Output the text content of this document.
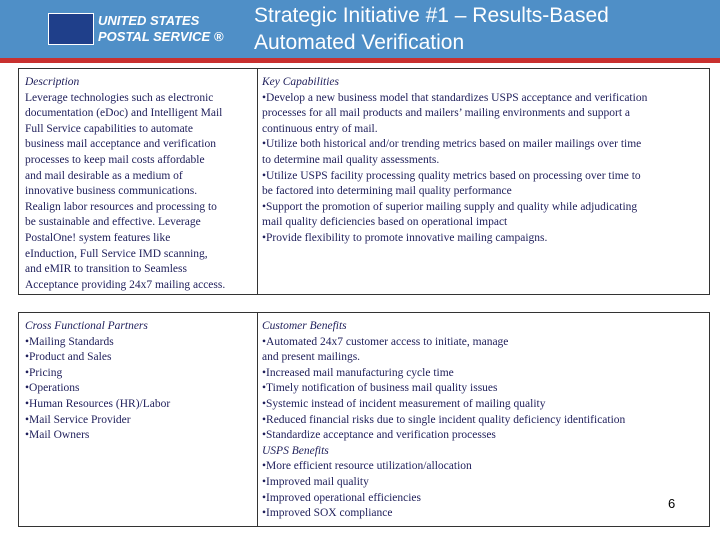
UNITED STATES
POSTAL SERVICE ®
Strategic Initiative #1 – Results-Based
Automated Verification
Description
Leverage technologies such as electronic
documentation (eDoc) and Intelligent Mail
Full Service capabilities to automate
business mail acceptance and verification
processes to keep mail costs affordable
and mail desirable as a medium of
innovative business communications.
Realign labor resources and processing to
be sustainable and effective. Leverage
PostalOne! system features like
eInduction, Full Service IMD scanning,
and eMIR to transition to Seamless
Acceptance providing 24x7 mailing access.
Key Capabilities
•Develop a new business model that standardizes USPS acceptance and verification
processes for all mail products and mailers’ mailing environments and support a
continuous entry of mail.
•Utilize both historical and/or trending metrics based on mailer mailings over time
to determine mail quality assessments.
•Utilize USPS facility processing quality metrics based on processing over time to
be factored into determining mail quality performance
•Support the promotion of superior mailing supply and quality while adjudicating
mail quality deficiencies based on operational impact
•Provide flexibility to promote innovative mailing campaigns.
Cross Functional Partners
•Mailing Standards
•Product and Sales
•Pricing
•Operations
•Human Resources (HR)/Labor
•Mail Service Provider
•Mail Owners
Customer Benefits
•Automated 24x7 customer access to initiate, manage
and present mailings.
•Increased mail manufacturing cycle time
•Timely notification of business mail quality issues
•Systemic instead of incident measurement of mailing quality
•Reduced financial risks due to single incident quality deficiency identification
•Standardize acceptance and verification processes
USPS Benefits
•More efficient resource utilization/allocation
•Improved mail quality
•Improved operational efficiencies
•Improved SOX compliance
6
